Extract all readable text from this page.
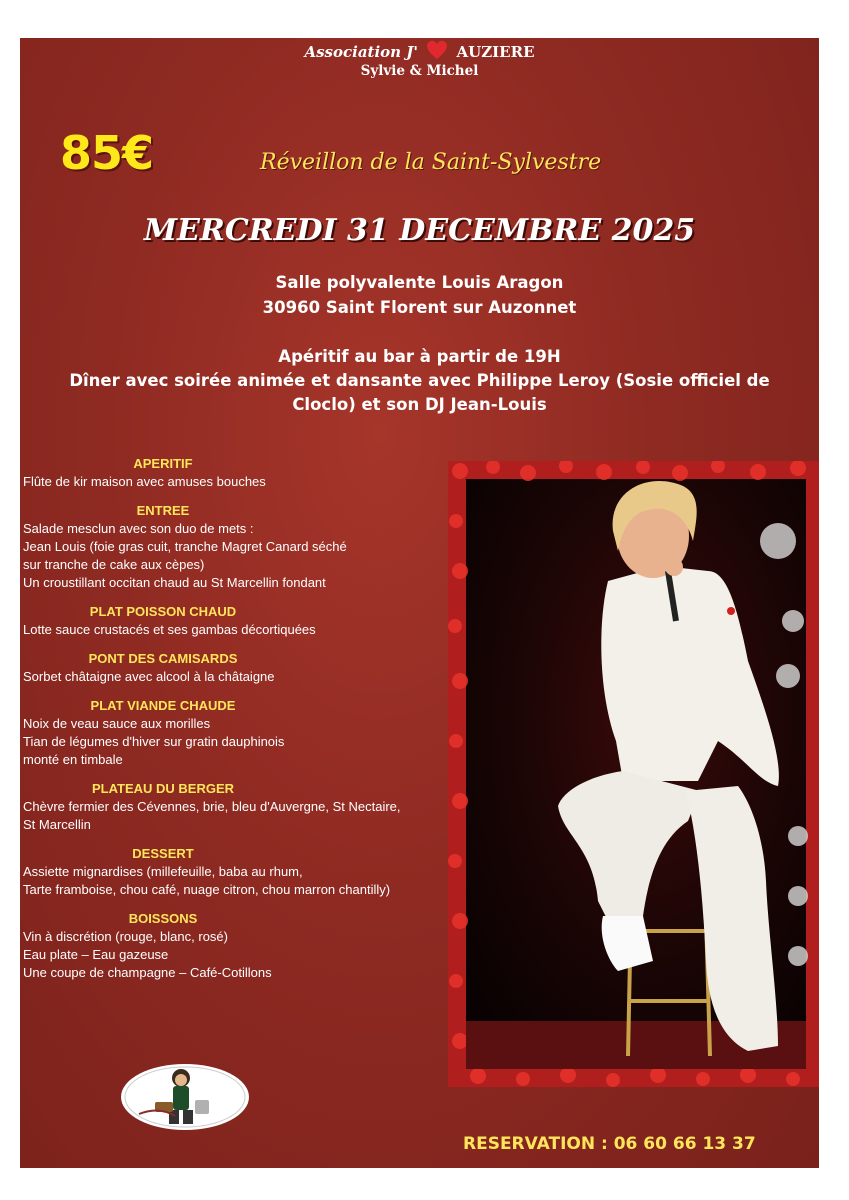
Association J'	AUZIERE
Sylvie & Michel
85€	Réveillon de la Saint-Sylvestre
MERCREDI 31 DECEMBRE 2025
Salle polyvalente Louis Aragon
30960 Saint Florent sur Auzonnet
Apéritif au bar à partir de 19H
Dîner avec soirée animée et dansante avec Philippe Leroy (Sosie officiel de
Cloclo) et son DJ Jean-Louis
APERITIF
Flûte de kir maison avec amuses bouches
ENTREE
Salade mesclun avec son duo de mets :
Jean Louis (foie gras cuit, tranche Magret Canard séché
sur tranche de cake aux cèpes)
Un croustillant occitan chaud au St Marcellin fondant
PLAT POISSON CHAUD
Lotte sauce crustacés et ses gambas décortiquées
PONT DES CAMISARDS
Sorbet châtaigne avec alcool à la châtaigne
PLAT VIANDE CHAUDE
Noix de veau sauce aux morilles
Tian de légumes d'hiver sur gratin dauphinois
monté en timbale
PLATEAU DU BERGER
Chèvre fermier des Cévennes, brie, bleu d'Auvergne, St Nectaire,
St Marcellin
DESSERT
Assiette mignardises (millefeuille, baba au rhum,
Tarte framboise, chou café, nuage citron, chou marron chantilly)
BOISSONS
Vin à discrétion (rouge, blanc, rosé)
Eau plate – Eau gazeuse
Une coupe de champagne – Café-Cotillons
RESERVATION : 06 60 66 13 37
